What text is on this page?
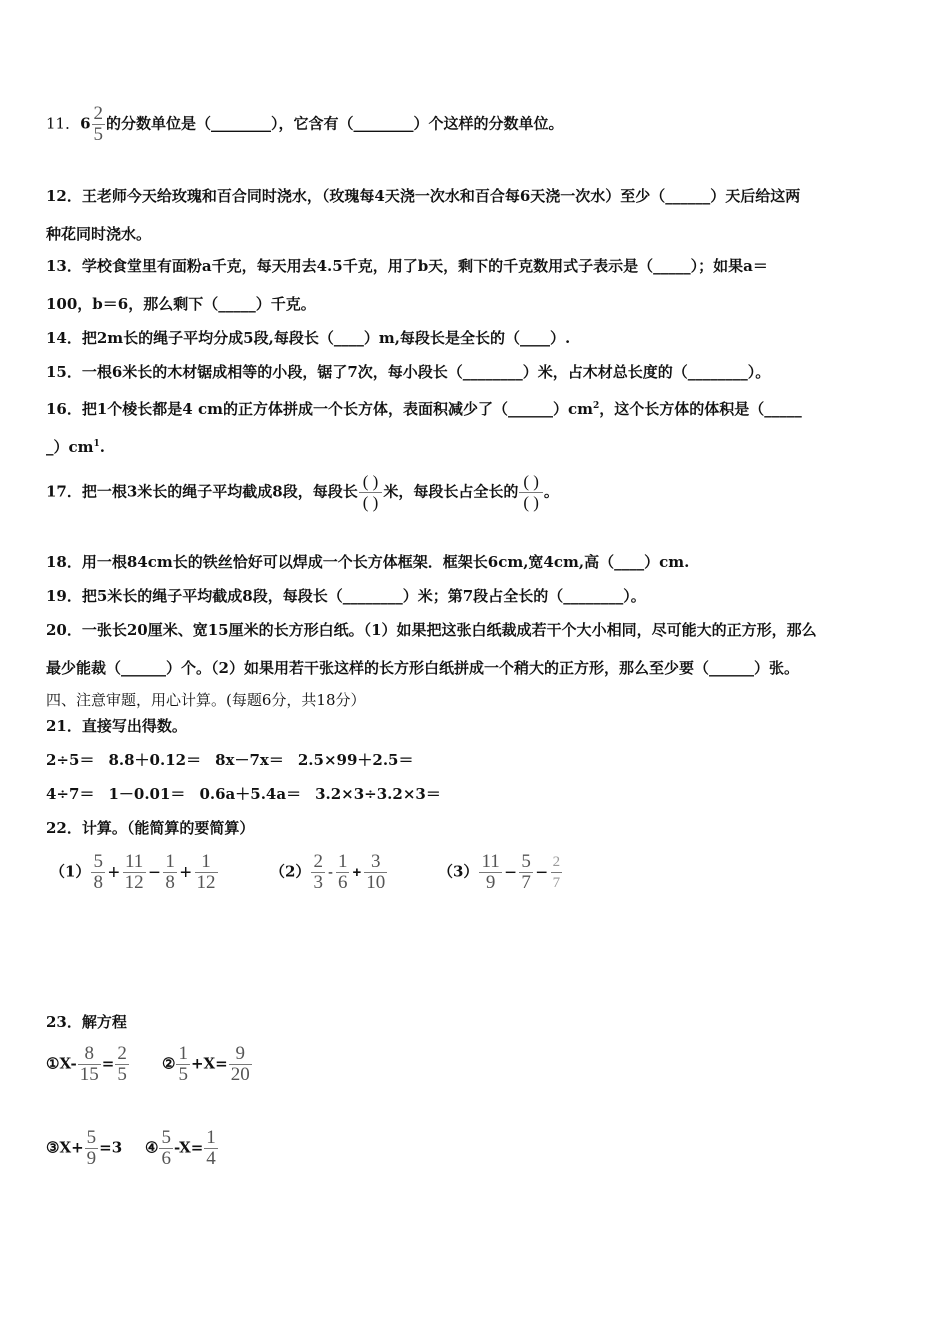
11．$6 \frac{2}{5}$ 的分数单位是（________），它含有（________）个这样的分数单位。
12．王老师今天给玫瑰和百合同时浇水，（玫瑰每4天浇一次水和百合每6天浇一次水）至少（______）天后给这两
种花同时浇水。
13．学校食堂里有面粉a千克，每天用去4.5千克，用了b天，剩下的千克数用式子表示是（_____）；如果a＝
100，b＝6，那么剩下（_____）千克。
14．把2m长的绳子平均分成5段,每段长（____）m,每段长是全长的（____）.
15．一根6米长的木材锯成相等的小段，锯了7次，每小段长（________）米，占木材总长度的（________）。
16．把1个棱长都是4 cm的正方体拼成一个长方体，表面积减少了$(\_\_\_\_\_\_)cm^2$，这个长方体的体积是（_____
$\_)cm^1$.
17．把一根3米长的绳子平均截成8段，每段长 $\frac{( )}{( )}$ 米，每段长占全长的 $\frac{( )}{( )}$ 。
18．用一根84cm长的铁丝恰好可以焊成一个长方体框架．框架长6cm,宽4cm,高（____）cm.
19．把5米长的绳子平均截成8段，每段长（________）米；第7段占全长的（________）。
20．一张长20厘米、宽15厘米的长方形白纸。（1）如果把这张白纸裁成若干个大小相同，尽可能大的正方形，那么
最少能裁（______）个。（2）如果用若干张这样的长方形白纸拼成一个稍大的正方形，那么至少要（______）张。
四、注意审题，用心计算。(每题6分，共18分）
21．直接写出得数。
2÷5＝ 8.8＋0.12＝ 8x－7x＝ 2.5×99＋2.5＝
4÷7＝ 1－0.01＝ 0.6a＋5.4a＝ 3.2×3÷3.2×3＝
22．计算。（能简算的要简算）
$(1) \frac{5}{8} + \frac{11}{12} - \frac{1}{8} + \frac{1}{12}$	$(2) \frac{2}{3} - \frac{1}{6} + \frac{3}{10}$	$(3) \frac{11}{9} - \frac{5}{7} - \frac{2}{7}$
23．解方程
①X- $\frac{8}{15} = \frac{2}{5}$ ② $\frac{1}{5} +X= \frac{9}{20}$
③X+ $\frac{5}{9} =3$ ④ $\frac{5}{6} -X= \frac{1}{4}$
